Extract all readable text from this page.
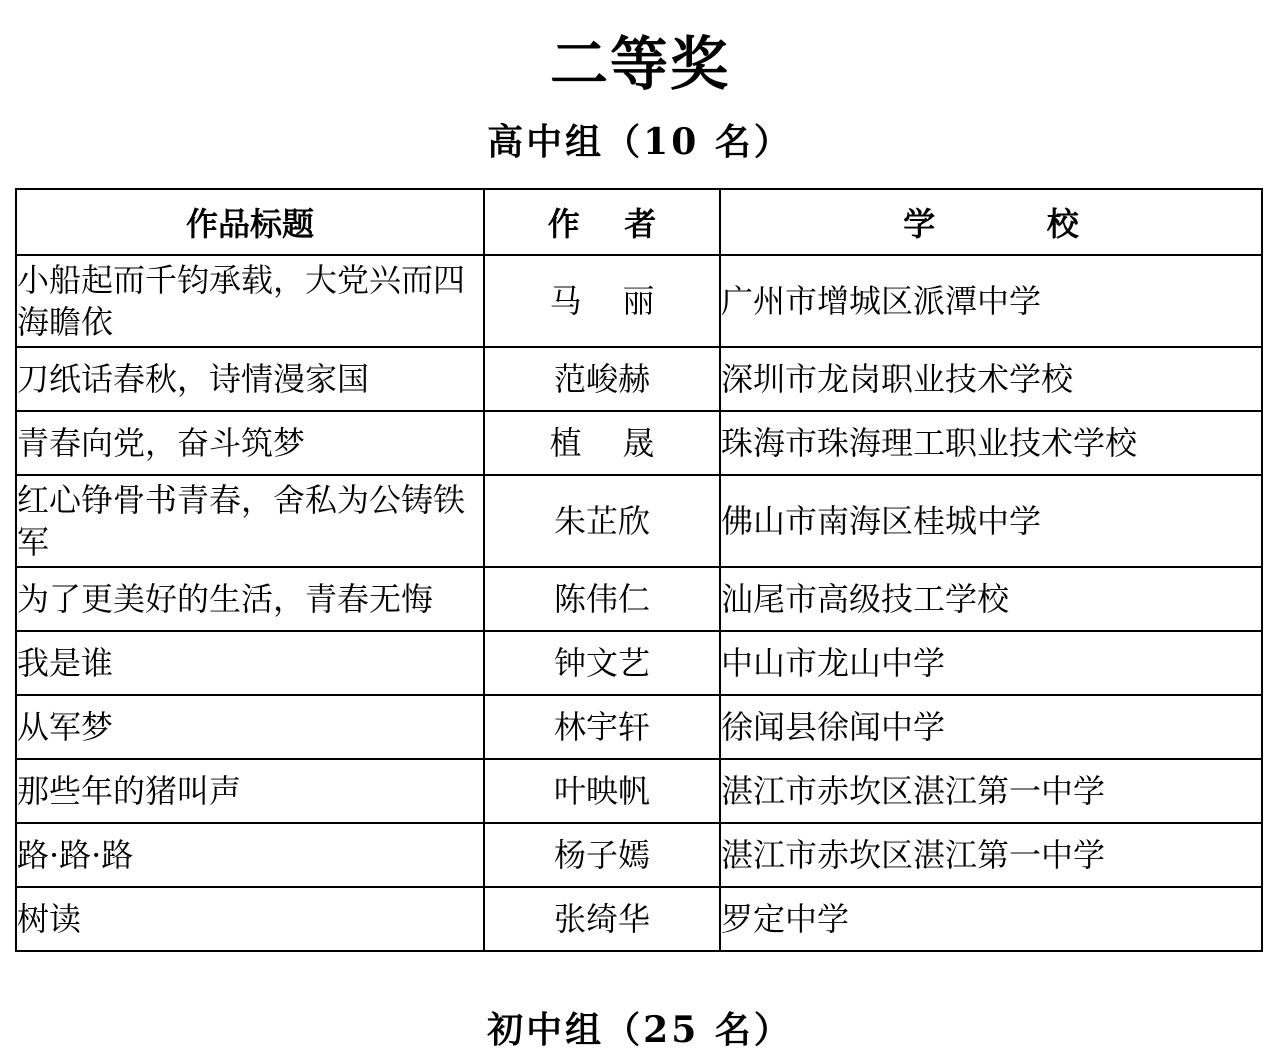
二等奖
高中组（10 名）
作品标题	作    者	学          校
小船起而千钧承载，大党兴而四海瞻依	马    丽	广州市增城区派潭中学
刀纸话春秋，诗情漫家国	范峻赫	深圳市龙岗职业技术学校
青春向党，奋斗筑梦	植    晟	珠海市珠海理工职业技术学校
红心铮骨书青春，舍私为公铸铁军	朱芷欣	佛山市南海区桂城中学
为了更美好的生活，青春无悔	陈伟仁	汕尾市高级技工学校
我是谁	钟文艺	中山市龙山中学
从军梦	林宇轩	徐闻县徐闻中学
那些年的猪叫声	叶映帆	湛江市赤坎区湛江第一中学
路·路·路	杨子嫣	湛江市赤坎区湛江第一中学
树读	张绮华	罗定中学
初中组（25 名）
